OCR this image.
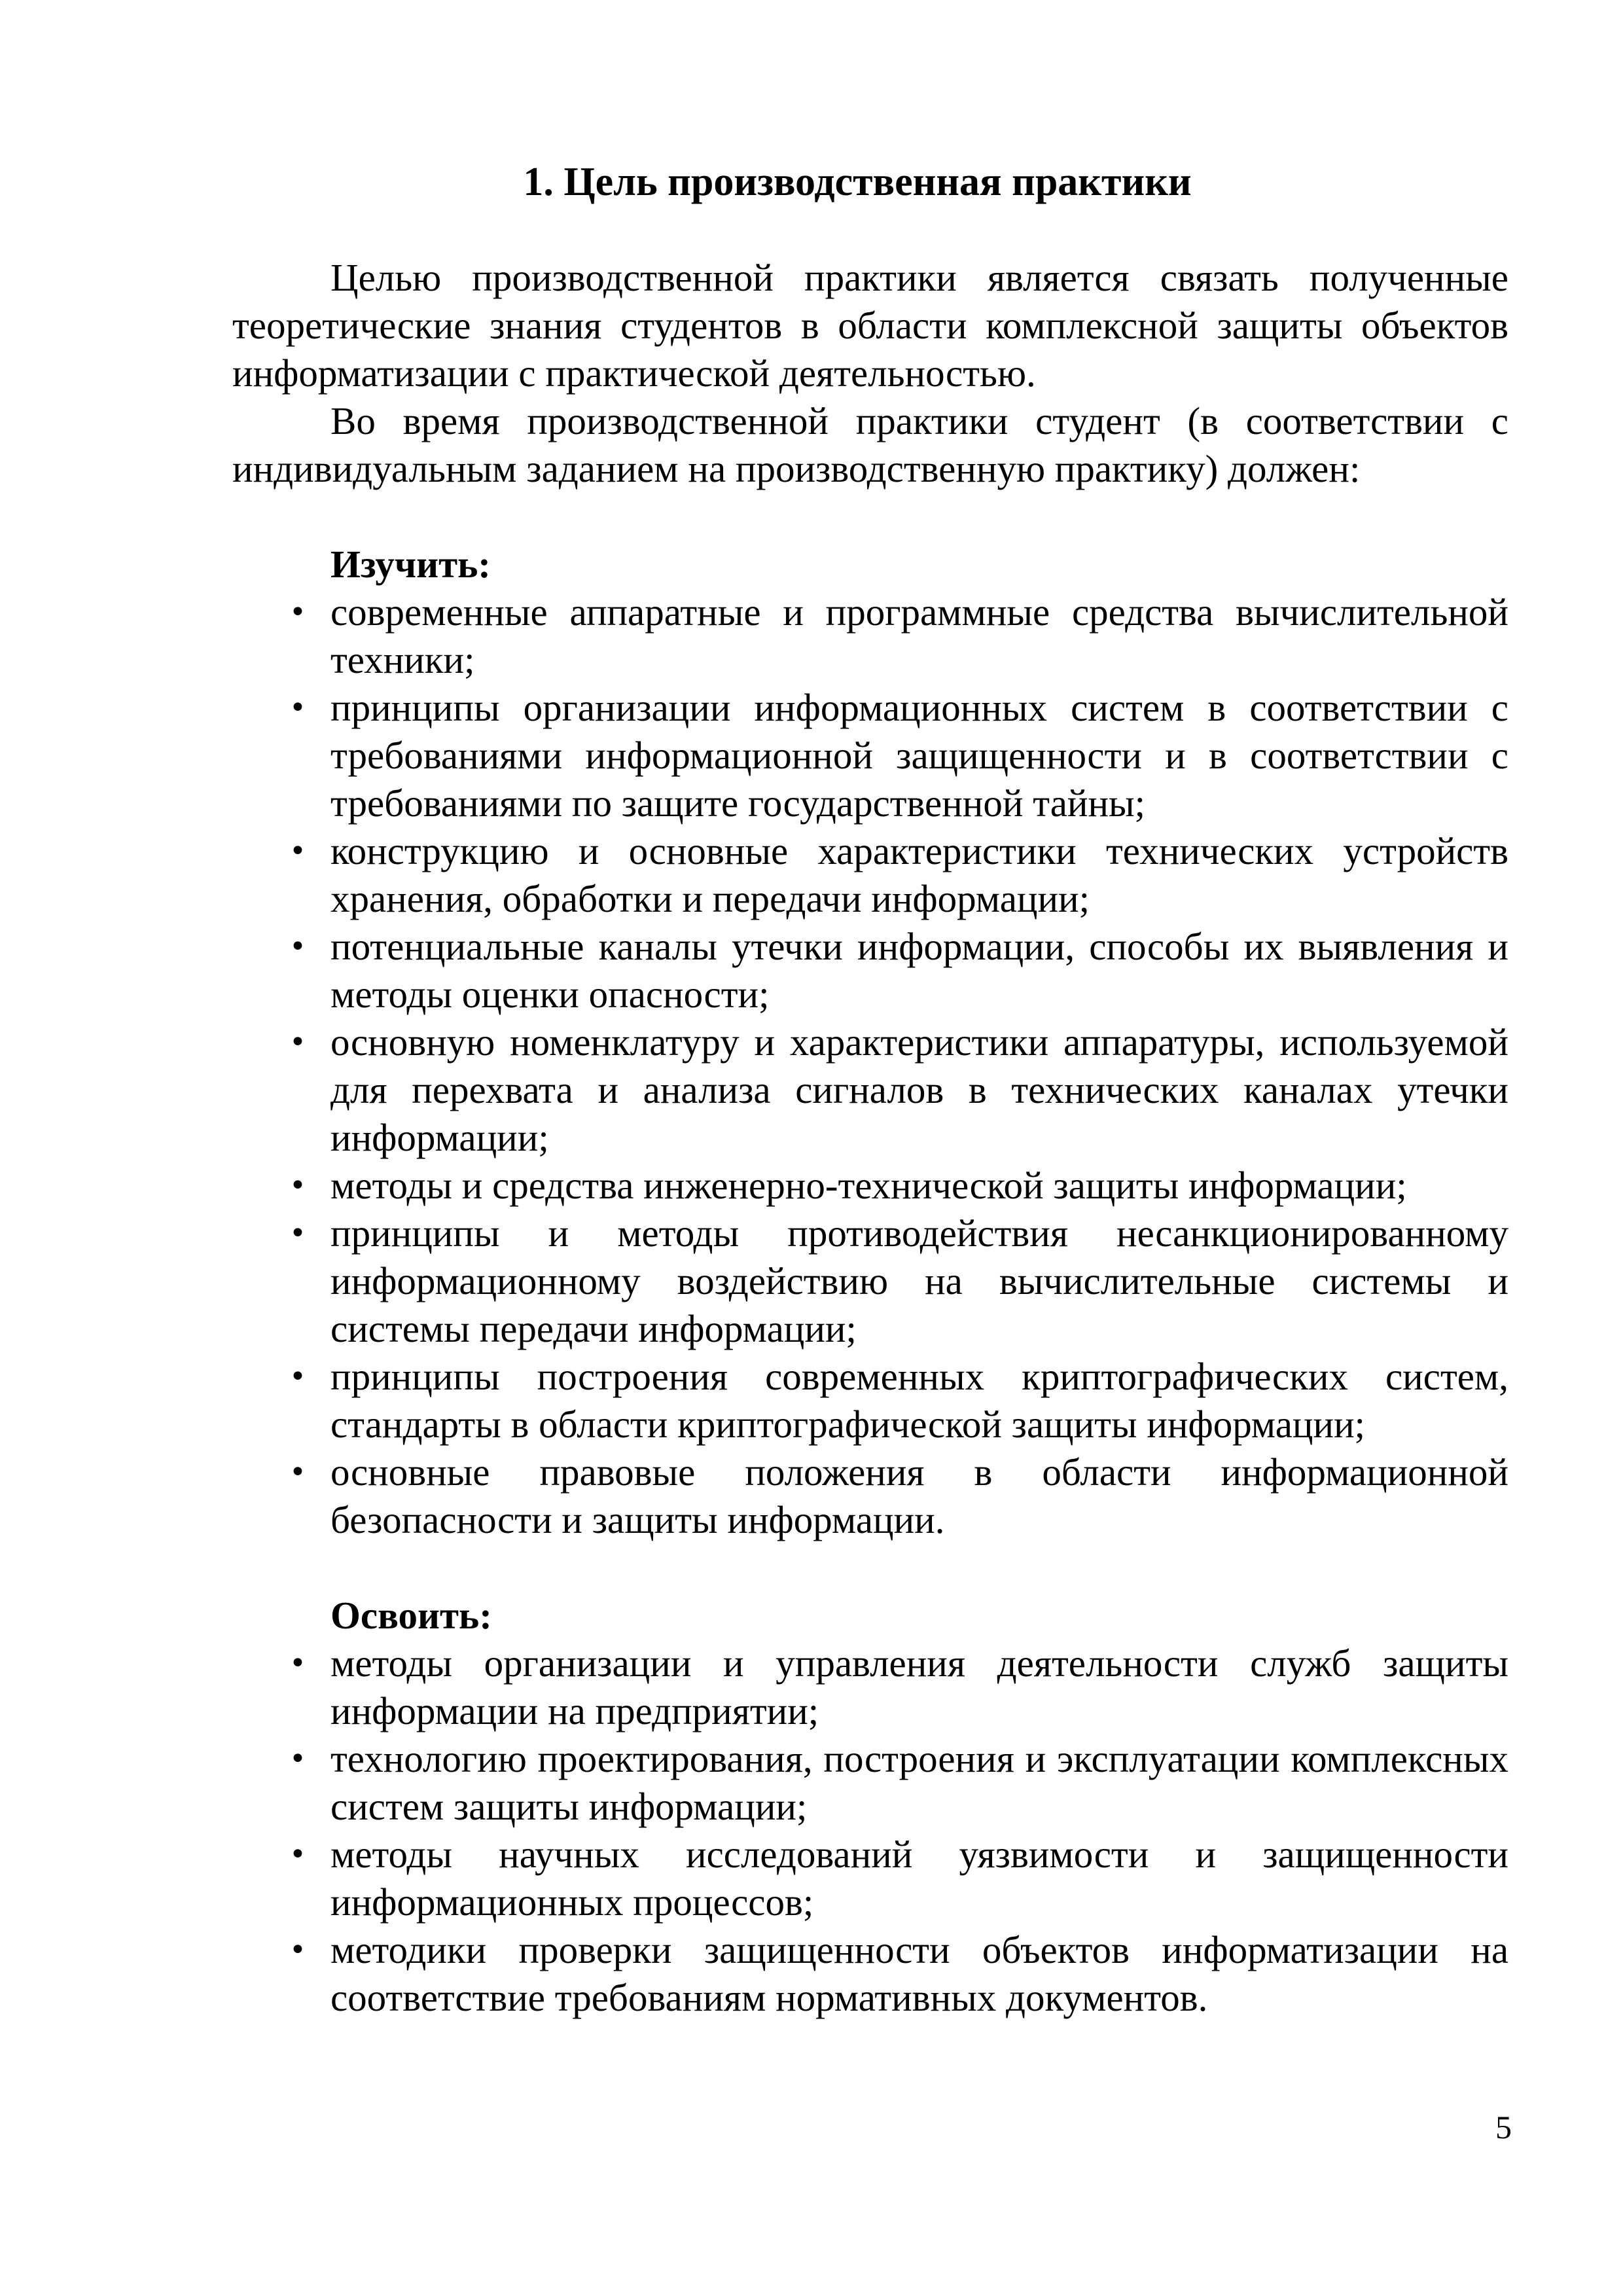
1. Цель производственная практики

Целью производственной практики является связать полученные теоретические знания студентов в области комплексной защиты объектов информатизации с практической деятельностью.

Во время производственной практики студент (в соответствии с индивидуальным заданием на производственную практику) должен:

Изучить:

• современные аппаратные и программные средства вычислительной техники;
• принципы организации информационных систем в соответствии с требованиями информационной защищенности и в соответствии с требованиями по защите государственной тайны;
• конструкцию и основные характеристики технических устройств хранения, обработки и передачи информации;
• потенциальные каналы утечки информации, способы их выявления и методы оценки опасности;
• основную номенклатуру и характеристики аппаратуры, используемой для перехвата и анализа сигналов в технических каналах утечки информации;
• методы и средства инженерно-технической защиты информации;
• принципы и методы противодействия несанкционированному информационному воздействию на вычислительные системы и системы передачи информации;
• принципы построения современных криптографических систем, стандарты в области криптографической защиты информации;
• основные правовые положения в области информационной безопасности и защиты информации.

Освоить:

• методы организации и управления деятельности служб защиты информации на предприятии;
• технологию проектирования, построения и эксплуатации комплексных систем защиты информации;
• методы научных исследований уязвимости и защищенности информационных процессов;
• методики проверки защищенности объектов информатизации на соответствие требованиям нормативных документов.
5
